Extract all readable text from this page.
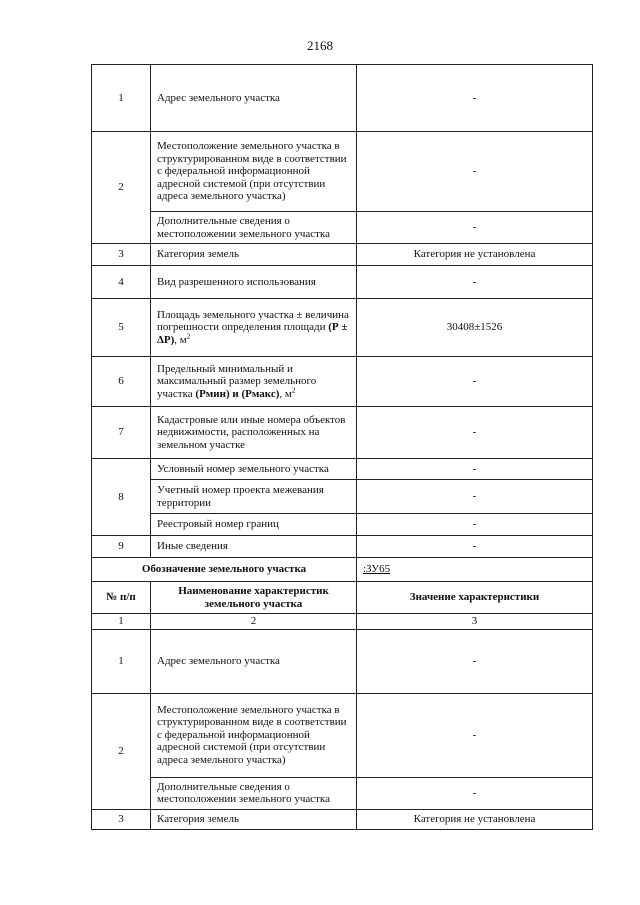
2168
1	Адрес земельного участка	-
2	Местоположение земельного участка в структурированном виде в соответствии с федеральной информационной адресной системой (при отсутствии адреса земельного участка)	-
	Дополнительные сведения о местоположении земельного участка	-
3	Категория земель	Категория не установлена
4	Вид разрешенного использования	-
5	Площадь земельного участка ± величина погрешности определения площади (Р ± ΔР), $м^2$	30408±1526
6	Предельный минимальный и максимальный размер земельного участка (Рмин) и (Рмакс), $м^2$	-
7	Кадастровые или иные номера объектов недвижимости, расположенных на земельном участке	-
8	Условный номер земельного участка	-
	Учетный номер проекта межевания территории	-
	Реестровый номер границ	-
9	Иные сведения	-
Обозначение земельного участка		:ЗУ65
№ п/п	Наименование характеристик земельного участка	Значение характеристики
1	2	3
1	Адрес земельного участка	-
2	Местоположение земельного участка в структурированном виде в соответствии с федеральной информационной адресной системой (при отсутствии адреса земельного участка)	-
	Дополнительные сведения о местоположении земельного участка	-
3	Категория земель	Категория не установлена
